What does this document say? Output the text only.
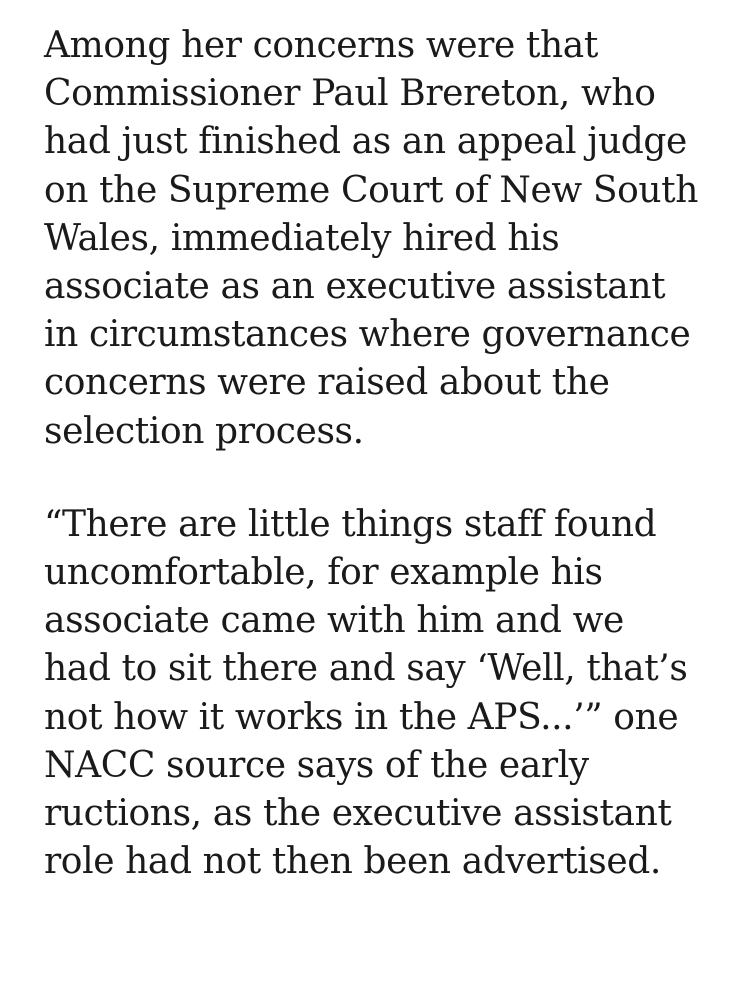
Among her concerns were that
Commissioner Paul Brereton, who
had just finished as an appeal judge
on the Supreme Court of New South
Wales, immediately hired his
associate as an executive assistant
in circumstances where governance
concerns were raised about the
selection process.

“There are little things staff found
uncomfortable, for example his
associate came with him and we
had to sit there and say ‘Well, that’s
not how it works in the APS...’” one
NACC source says of the early
ructions, as the executive assistant
role had not then been advertised.
